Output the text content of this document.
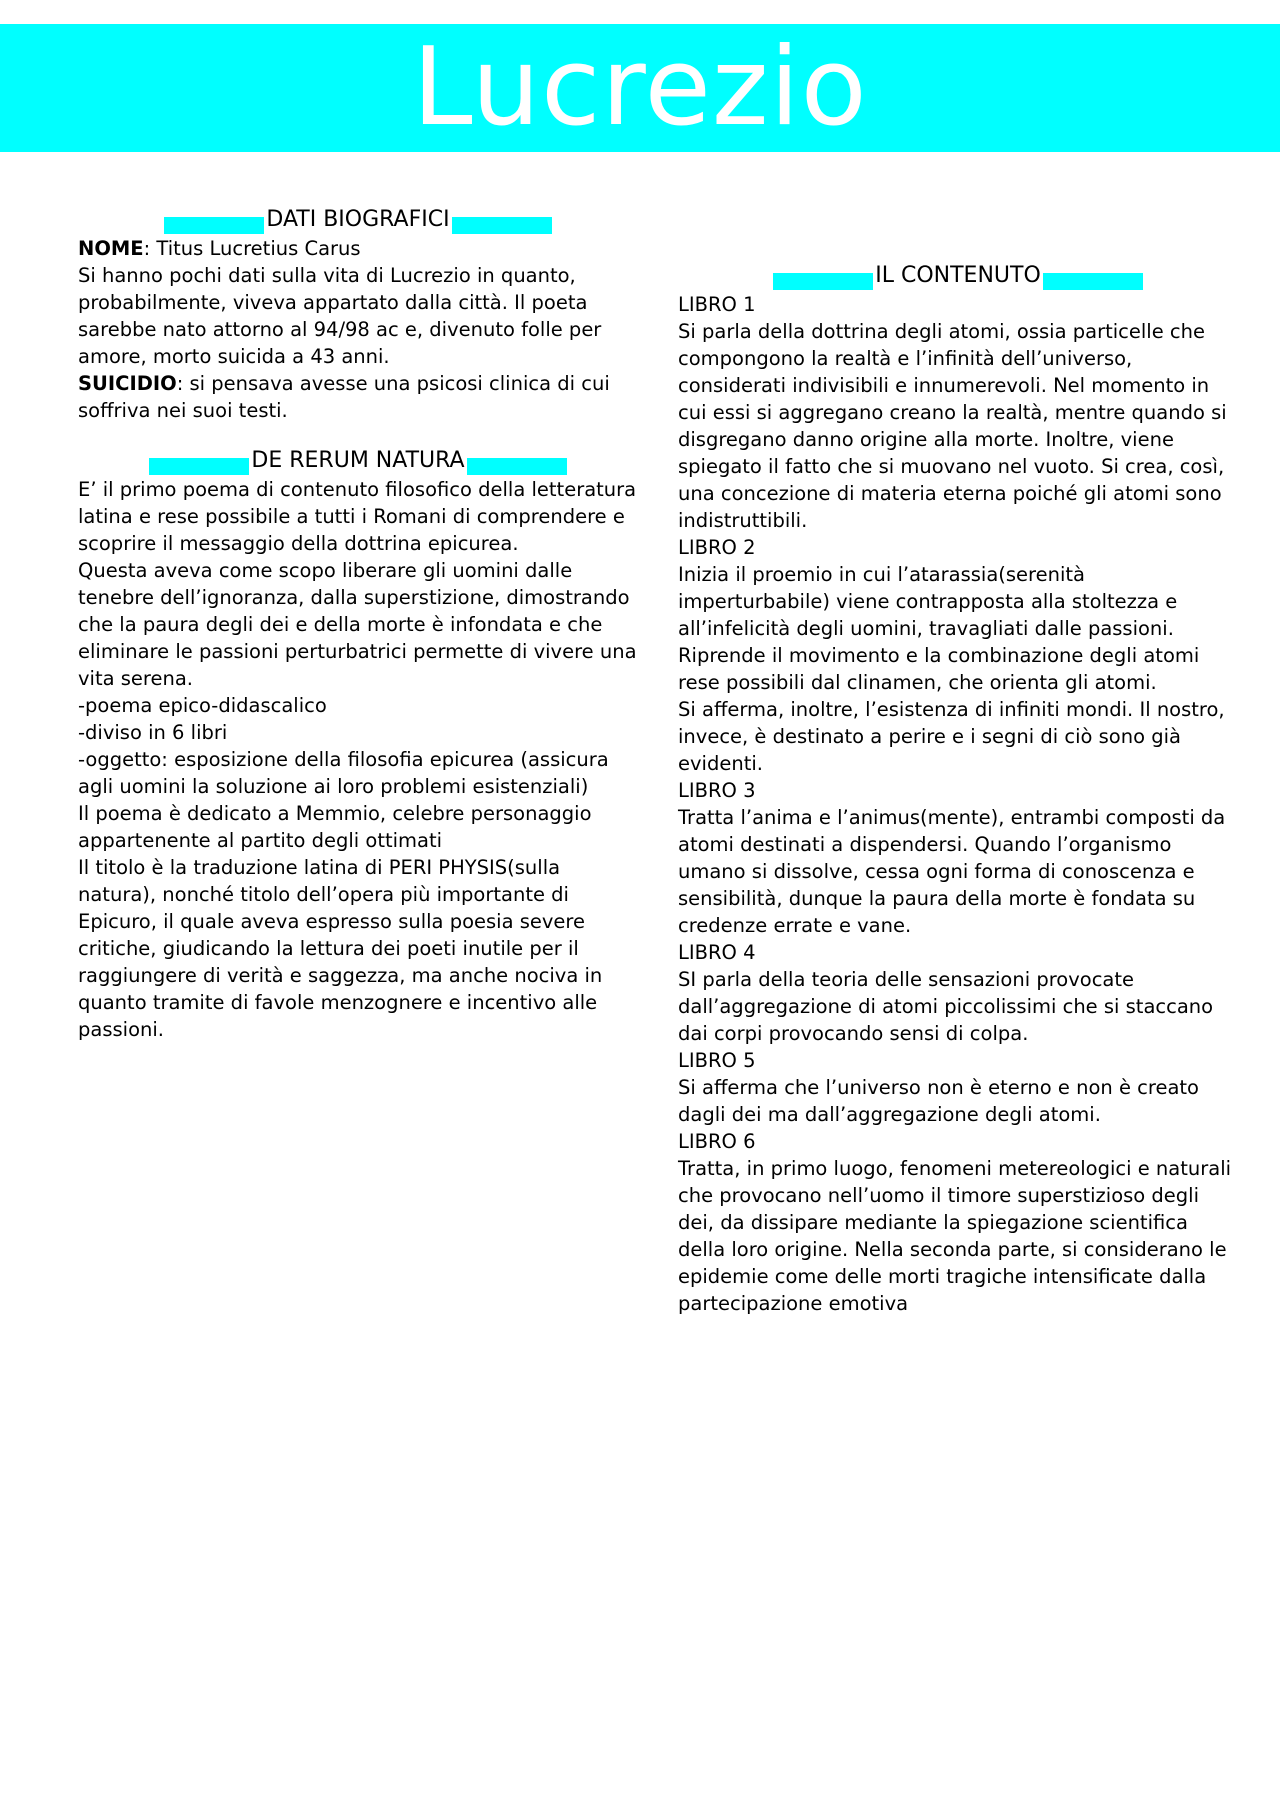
Lucrezio
DATI BIOGRAFICI

NOME: Titus Lucretius Carus

Si hanno pochi dati sulla vita di Lucrezio in quanto, probabilmente, viveva appartato dalla città. Il poeta sarebbe nato attorno al 94/98 ac e, divenuto folle per amore, morto suicida a 43 anni.

SUICIDIO: si pensava avesse una psicosi clinica di cui soffriva nei suoi testi.

DE RERUM NATURA

E’ il primo poema di contenuto filosofico della letteratura latina e rese possibile a tutti i Romani di comprendere e scoprire il messaggio della dottrina epicurea.

Questa aveva come scopo liberare gli uomini dalle tenebre dell’ignoranza, dalla superstizione, dimostrando che la paura degli dei e della morte è infondata e che eliminare le passioni perturbatrici permette di vivere una vita serena.

-poema epico-didascalico

-diviso in 6 libri

-oggetto: esposizione della filosofia epicurea (assicura agli uomini la soluzione ai loro problemi esistenziali)

Il poema è dedicato a Memmio, celebre personaggio appartenente al partito degli ottimati

Il titolo è la traduzione latina di PERI PHYSIS(sulla natura), nonché titolo dell’opera più importante di Epicuro, il quale aveva espresso sulla poesia severe critiche, giudicando la lettura dei poeti inutile per il raggiungere di verità e saggezza, ma anche nociva in quanto tramite di favole menzognere e incentivo alle passioni.

IL CONTENUTO

LIBRO 1

Si parla della dottrina degli atomi, ossia particelle che compongono la realtà e l’infinità dell’universo, considerati indivisibili e innumerevoli. Nel momento in cui essi si aggregano creano la realtà, mentre quando si disgregano danno origine alla morte. Inoltre, viene spiegato il fatto che si muovano nel vuoto. Si crea, così, una concezione di materia eterna poiché gli atomi sono indistruttibili.

LIBRO 2

Inizia il proemio in cui l’atarassia(serenità imperturbabile) viene contrapposta alla stoltezza e all’infelicità degli uomini, travagliati dalle passioni.

Riprende il movimento e la combinazione degli atomi rese possibili dal clinamen, che orienta gli atomi.

Si afferma, inoltre, l’esistenza di infiniti mondi. Il nostro, invece, è destinato a perire e i segni di ciò sono già evidenti.

LIBRO 3

Tratta l’anima e l’animus(mente), entrambi composti da atomi destinati a dispendersi. Quando l’organismo umano si dissolve, cessa ogni forma di conoscenza e sensibilità, dunque la paura della morte è fondata su credenze errate e vane.

LIBRO 4

SI parla della teoria delle sensazioni provocate dall’aggregazione di atomi piccolissimi che si staccano dai corpi provocando sensi di colpa.

LIBRO 5

Si afferma che l’universo non è eterno e non è creato dagli dei ma dall’aggregazione degli atomi.

LIBRO 6

Tratta, in primo luogo, fenomeni metereologici e naturali che provocano nell’uomo il timore superstizioso degli dei, da dissipare mediante la spiegazione scientifica della loro origine. Nella seconda parte, si considerano le epidemie come delle morti tragiche intensificate dalla partecipazione emotiva
